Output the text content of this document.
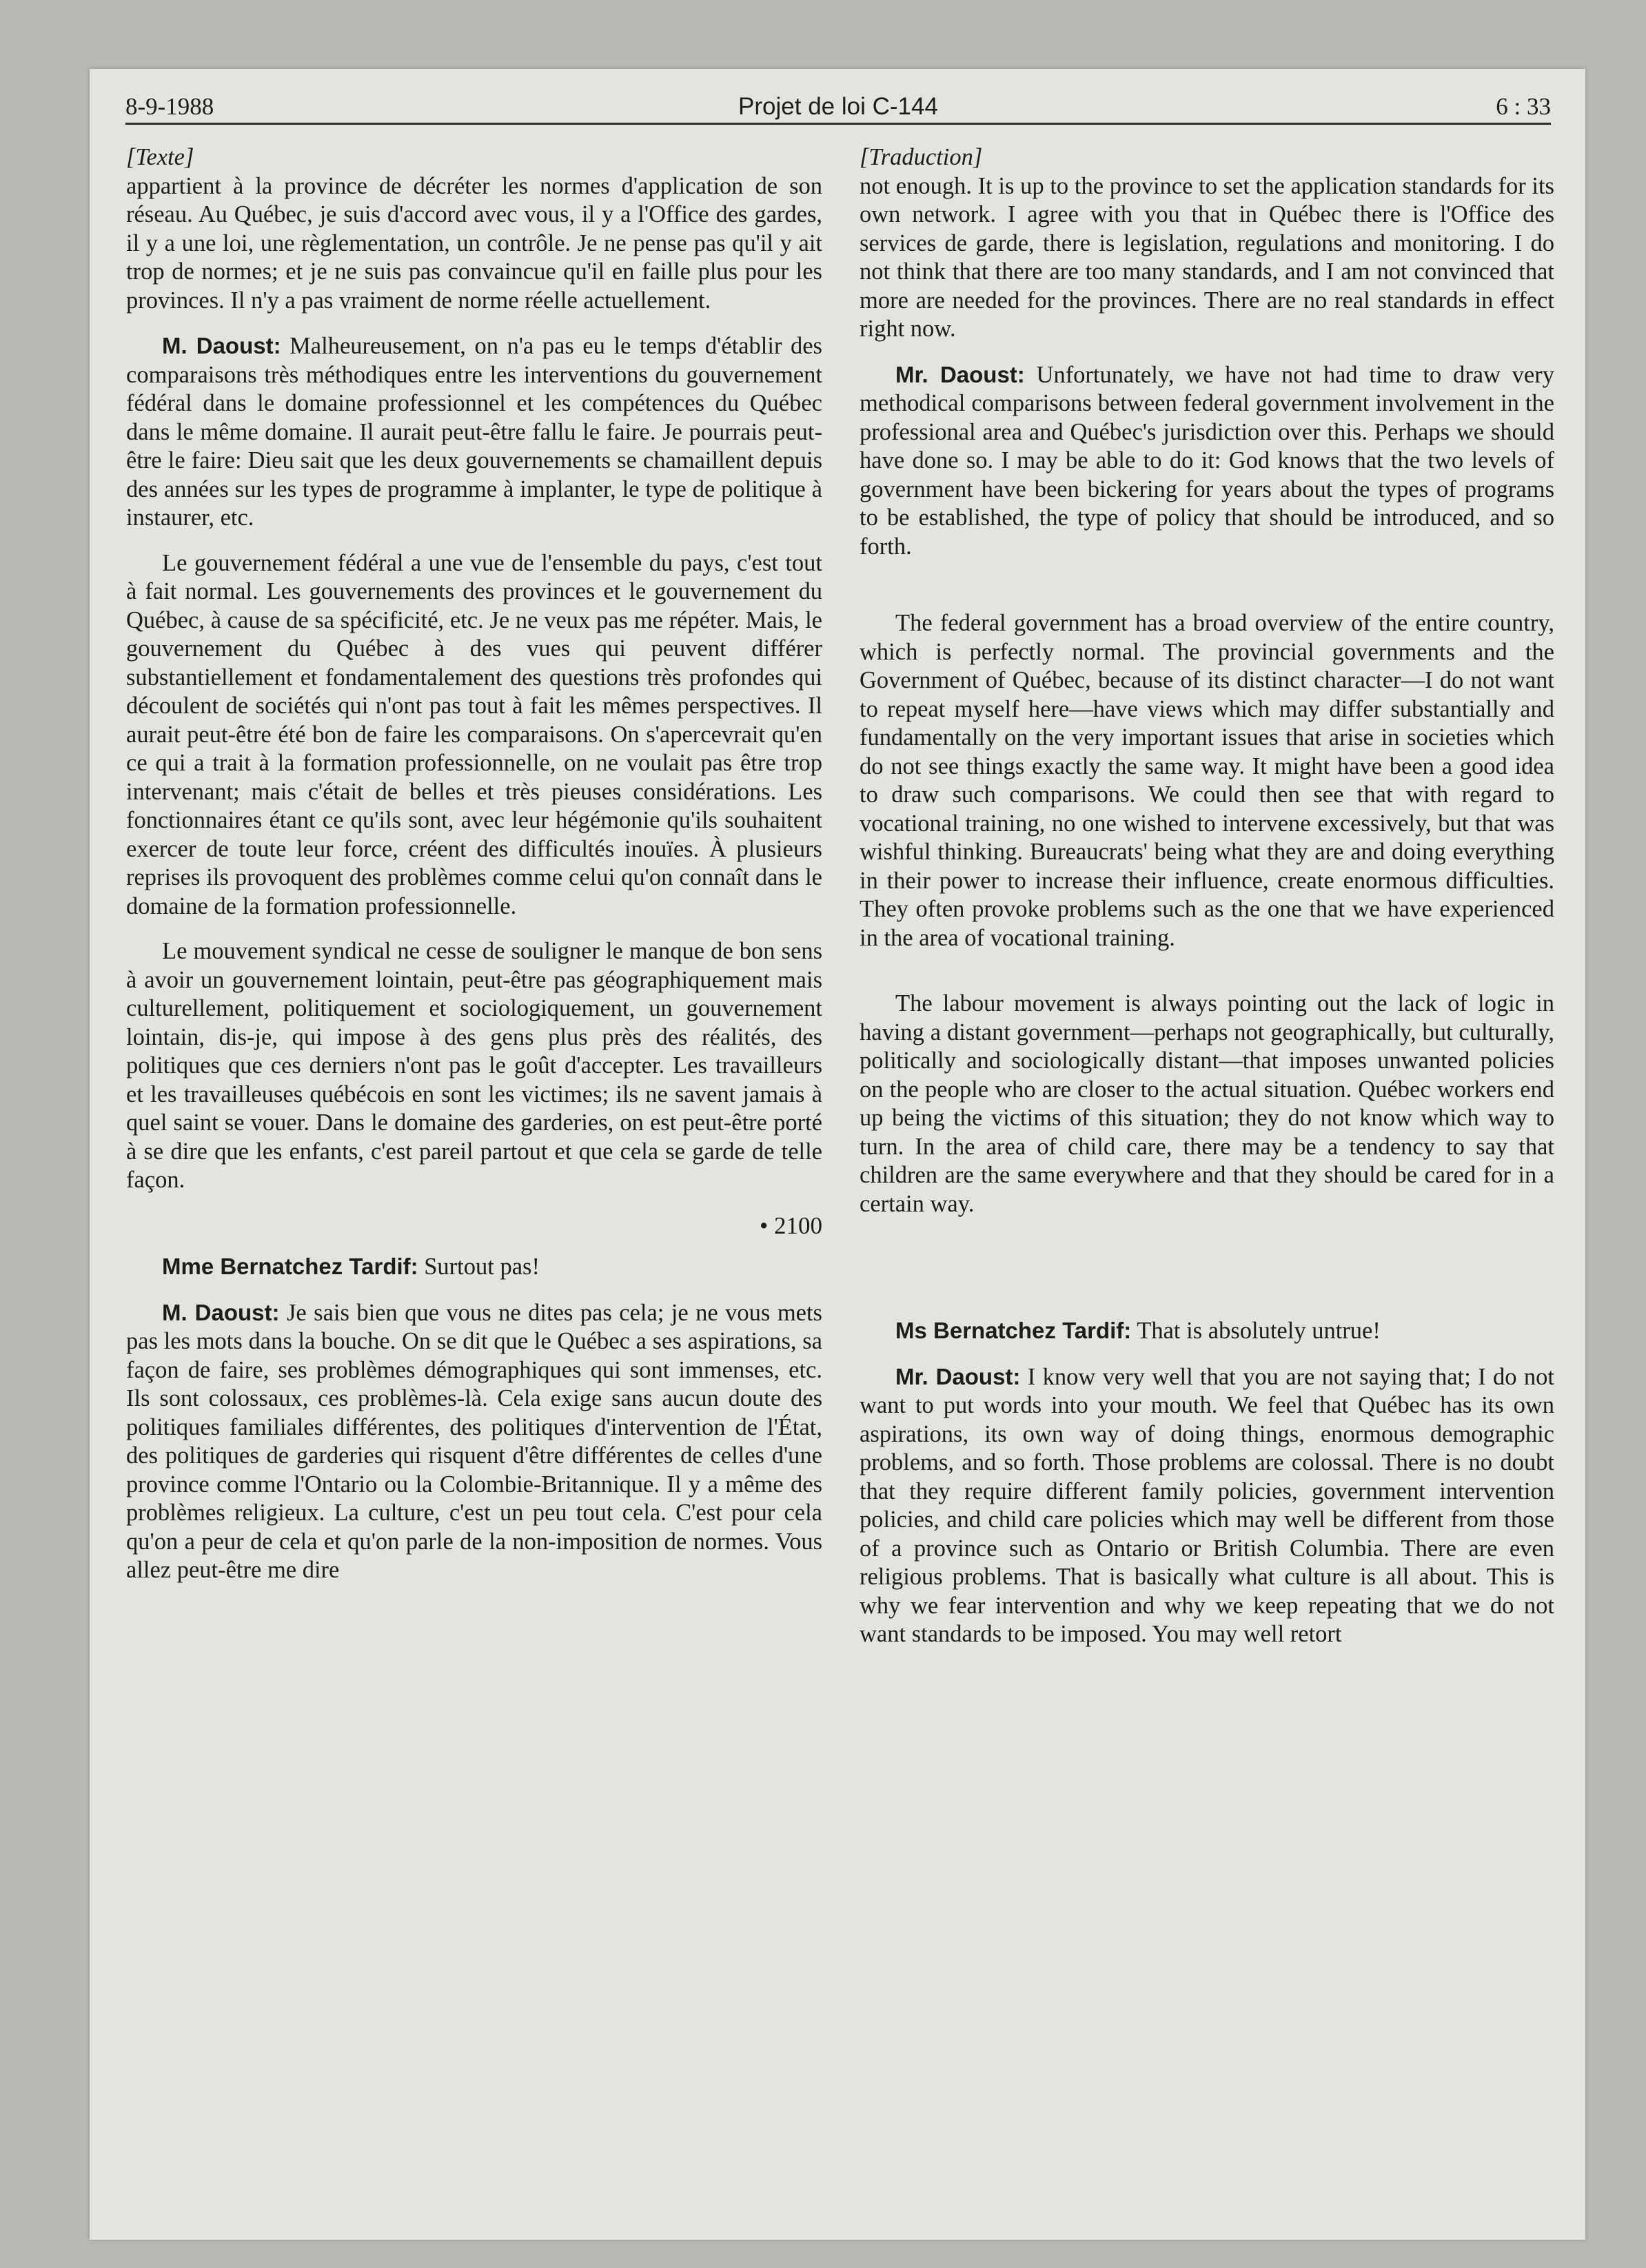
8-9-1988	Projet de loi C-144	6 : 33
[Texte]

appartient à la province de décréter les normes d'application de son réseau. Au Québec, je suis d'accord avec vous, il y a l'Office des gardes, il y a une loi, une règlementation, un contrôle. Je ne pense pas qu'il y ait trop de normes; et je ne suis pas convaincue qu'il en faille plus pour les provinces. Il n'y a pas vraiment de norme réelle actuellement.

M. Daoust: Malheureusement, on n'a pas eu le temps d'établir des comparaisons très méthodiques entre les interventions du gouvernement fédéral dans le domaine professionnel et les compétences du Québec dans le même domaine. Il aurait peut-être fallu le faire. Je pourrais peut-être le faire: Dieu sait que les deux gouvernements se chamaillent depuis des années sur les types de programme à implanter, le type de politique à instaurer, etc.

Le gouvernement fédéral a une vue de l'ensemble du pays, c'est tout à fait normal. Les gouvernements des provinces et le gouvernement du Québec, à cause de sa spécificité, etc. Je ne veux pas me répéter. Mais, le gouvernement du Québec à des vues qui peuvent différer substantiellement et fondamentalement des questions très profondes qui découlent de sociétés qui n'ont pas tout à fait les mêmes perspectives. Il aurait peut-être été bon de faire les comparaisons. On s'apercevrait qu'en ce qui a trait à la formation professionnelle, on ne voulait pas être trop intervenant; mais c'était de belles et très pieuses considérations. Les fonctionnaires étant ce qu'ils sont, avec leur hégémonie qu'ils souhaitent exercer de toute leur force, créent des difficultés inouïes. À plusieurs reprises ils provoquent des problèmes comme celui qu'on connaît dans le domaine de la formation professionnelle.

Le mouvement syndical ne cesse de souligner le manque de bon sens à avoir un gouvernement lointain, peut-être pas géographiquement mais culturellement, politiquement et sociologiquement, un gouvernement lointain, dis-je, qui impose à des gens plus près des réalités, des politiques que ces derniers n'ont pas le goût d'accepter. Les travailleurs et les travailleuses québécois en sont les victimes; ils ne savent jamais à quel saint se vouer. Dans le domaine des garderies, on est peut-être porté à se dire que les enfants, c'est pareil partout et que cela se garde de telle façon.

• 2100

Mme Bernatchez Tardif: Surtout pas!

M. Daoust: Je sais bien que vous ne dites pas cela; je ne vous mets pas les mots dans la bouche. On se dit que le Québec a ses aspirations, sa façon de faire, ses problèmes démographiques qui sont immenses, etc. Ils sont colossaux, ces problèmes-là. Cela exige sans aucun doute des politiques familiales différentes, des politiques d'intervention de l'État, des politiques de garderies qui risquent d'être différentes de celles d'une province comme l'Ontario ou la Colombie-Britannique. Il y a même des problèmes religieux. La culture, c'est un peu tout cela. C'est pour cela qu'on a peur de cela et qu'on parle de la non-imposition de normes. Vous allez peut-être me dire

[Traduction]

not enough. It is up to the province to set the application standards for its own network. I agree with you that in Québec there is l'Office des services de garde, there is legislation, regulations and monitoring. I do not think that there are too many standards, and I am not convinced that more are needed for the provinces. There are no real standards in effect right now.

Mr. Daoust: Unfortunately, we have not had time to draw very methodical comparisons between federal government involvement in the professional area and Québec's jurisdiction over this. Perhaps we should have done so. I may be able to do it: God knows that the two levels of government have been bickering for years about the types of programs to be established, the type of policy that should be introduced, and so forth.

The federal government has a broad overview of the entire country, which is perfectly normal. The provincial governments and the Government of Québec, because of its distinct character—I do not want to repeat myself here—have views which may differ substantially and fundamentally on the very important issues that arise in societies which do not see things exactly the same way. It might have been a good idea to draw such comparisons. We could then see that with regard to vocational training, no one wished to intervene excessively, but that was wishful thinking. Bureaucrats' being what they are and doing everything in their power to increase their influence, create enormous difficulties. They often provoke problems such as the one that we have experienced in the area of vocational training.

The labour movement is always pointing out the lack of logic in having a distant government—perhaps not geographically, but culturally, politically and sociologically distant—that imposes unwanted policies on the people who are closer to the actual situation. Québec workers end up being the victims of this situation; they do not know which way to turn. In the area of child care, there may be a tendency to say that children are the same everywhere and that they should be cared for in a certain way.

Ms Bernatchez Tardif: That is absolutely untrue!

Mr. Daoust: I know very well that you are not saying that; I do not want to put words into your mouth. We feel that Québec has its own aspirations, its own way of doing things, enormous demographic problems, and so forth. Those problems are colossal. There is no doubt that they require different family policies, government intervention policies, and child care policies which may well be different from those of a province such as Ontario or British Columbia. There are even religious problems. That is basically what culture is all about. This is why we fear intervention and why we keep repeating that we do not want standards to be imposed. You may well retort
